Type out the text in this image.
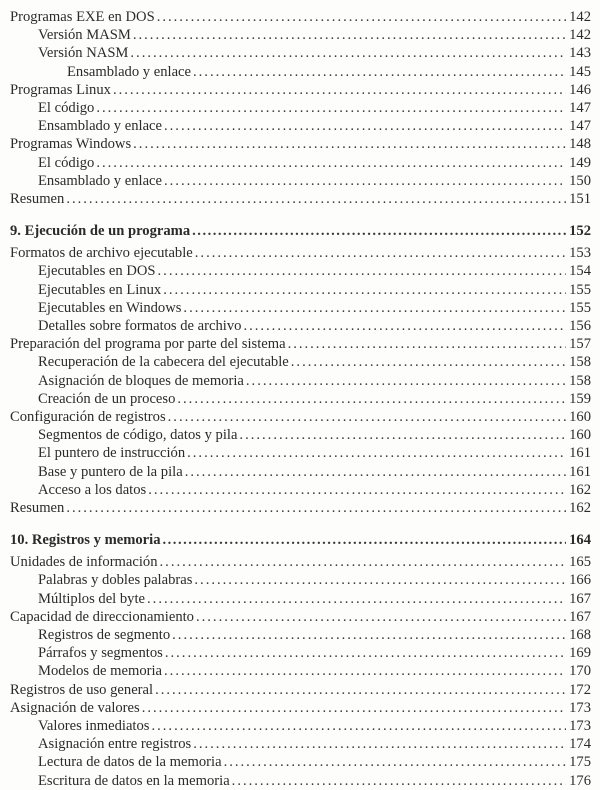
Programas EXE en DOS .....	142
Versión MASM .....	142
Versión NASM .....	143
Ensamblado y enlace .....	145
Programas Linux .....	146
El código .....	147
Ensamblado y enlace .....	147
Programas Windows .....	148
El código .....	149
Ensamblado y enlace .....	150
Resumen .....	151
9. Ejecución de un programa .....	152
Formatos de archivo ejecutable .....	153
Ejecutables en DOS .....	154
Ejecutables en Linux .....	155
Ejecutables en Windows .....	155
Detalles sobre formatos de archivo .....	156
Preparación del programa por parte del sistema .....	157
Recuperación de la cabecera del ejecutable .....	158
Asignación de bloques de memoria .....	158
Creación de un proceso .....	159
Configuración de registros .....	160
Segmentos de código, datos y pila .....	160
El puntero de instrucción .....	161
Base y puntero de la pila .....	161
Acceso a los datos .....	162
Resumen .....	162
10. Registros y memoria .....	164
Unidades de información .....	165
Palabras y dobles palabras .....	166
Múltiplos del byte .....	167
Capacidad de direccionamiento .....	167
Registros de segmento .....	168
Párrafos y segmentos .....	169
Modelos de memoria .....	170
Registros de uso general .....	172
Asignación de valores .....	173
Valores inmediatos .....	173
Asignación entre registros .....	174
Lectura de datos de la memoria .....	175
Escritura de datos en la memoria .....	176
